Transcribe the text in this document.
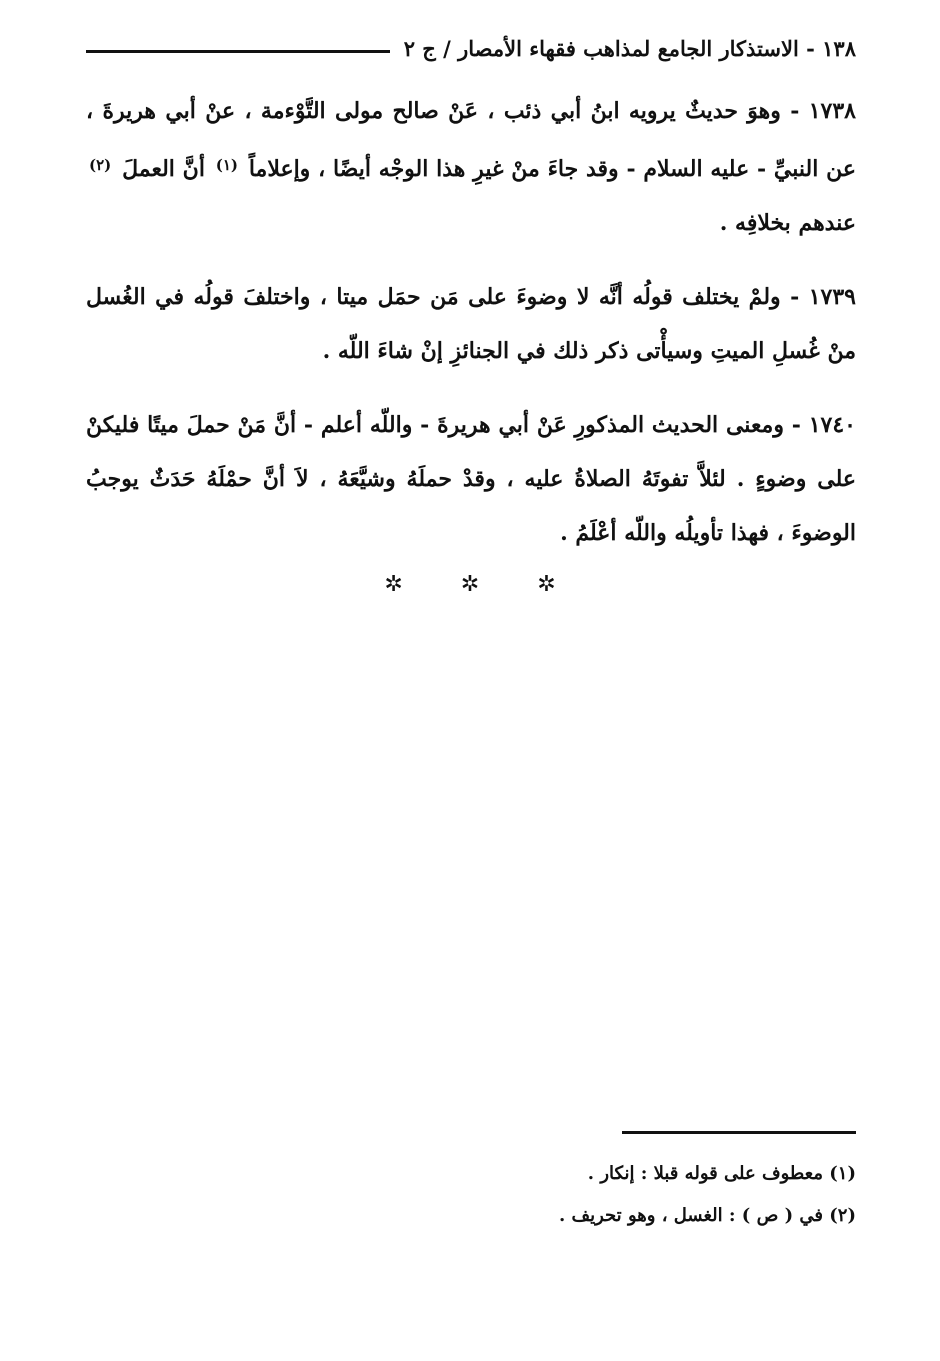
١٣٨ - الاستذكار الجامع لمذاهب فقهاء الأمصار / ج ٢

١٧٣٨ - وهوَ حديثٌ يرويه ابنُ أبي ذئب ، عَنْ صالح مولى التَّوْءمة ، عنْ أبي هريرةَ ، عن النبيِّ - عليه السلام - وقد جاءَ منْ غيرِ هذا الوجْه أيضًا ، وإعلاماً $^{(١)}$ أنَّ العملَ $^{(٢)}$ عندهم بخلافِه .

١٧٣٩ - ولمْ يختلف قولُه أنَّه لا وضوءَ على مَن حمَل ميتا ، واختلفَ قولُه في الغُسل منْ غُسلِ الميتِ وسيأْتى ذكر ذلك في الجنائزِ إنْ شاءَ اللّه .

١٧٤٠ - ومعنى الحديث المذكورِ عَنْ أبي هريرةَ - واللّه أعلم - أنَّ مَنْ حملَ ميتًا فليكنْ على وضوءٍ . لئلاَّ تفوتَهُ الصلاةُ عليه ، وقدْ حملَهُ وشيَّعَهُ ، لاَ أنَّ حمْلَهُ حَدَثٌ يوجبُ الوضوءَ ، فهذا تأويلُه واللّه أعْلَمُ .

✲	✲	✲

(١) معطوف على قوله قبلا : إنكار .

(٢) في ( ص ) : الغسل ، وهو تحريف .
